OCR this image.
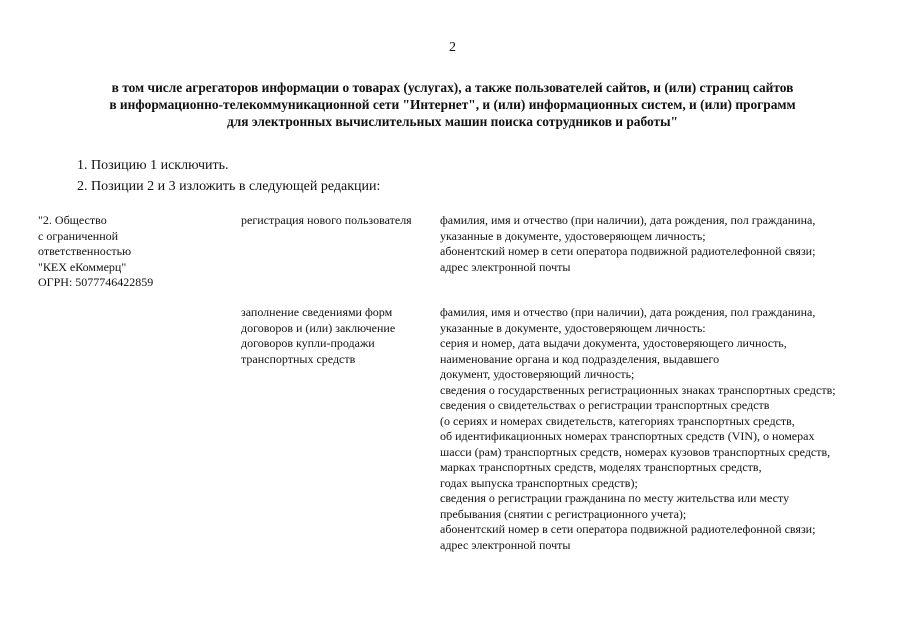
2
в том числе агрегаторов информации о товарах (услугах), а также пользователей сайтов, и (или) страниц сайтов
в информационно-телекоммуникационной сети "Интернет", и (или) информационных систем, и (или) программ
для электронных вычислительных машин поиска сотрудников и работы"
1. Позицию 1 исключить.
2. Позиции 2 и 3 изложить в следующей редакции:
"2. Общество
с ограниченной
ответственностью
"КЕХ еКоммерц"
ОГРН: 5077746422859
регистрация нового пользователя фамилия, имя и отчество (при наличии), дата рождения, пол гражданина,
указанные в документе, удостоверяющем личность;
абонентский номер в сети оператора подвижной радиотелефонной связи;
адрес электронной почты
заполнение сведениями форм
договоров и (или) заключение
договоров купли-продажи
транспортных средств
фамилия, имя и отчество (при наличии), дата рождения, пол гражданина,
указанные в документе, удостоверяющем личность:
серия и номер, дата выдачи документа, удостоверяющего личность,
наименование органа и код подразделения, выдавшего
документ, удостоверяющий личность;
сведения о государственных регистрационных знаках транспортных средств;
сведения о свидетельствах о регистрации транспортных средств
(о сериях и номерах свидетельств, категориях транспортных средств,
об идентификационных номерах транспортных средств (VIN), о номерах
шасси (рам) транспортных средств, номерах кузовов транспортных средств,
марках транспортных средств, моделях транспортных средств,
годах выпуска транспортных средств);
сведения о регистрации гражданина по месту жительства или месту
пребывания (снятии с регистрационного учета);
абонентский номер в сети оператора подвижной радиотелефонной связи;
адрес электронной почты
